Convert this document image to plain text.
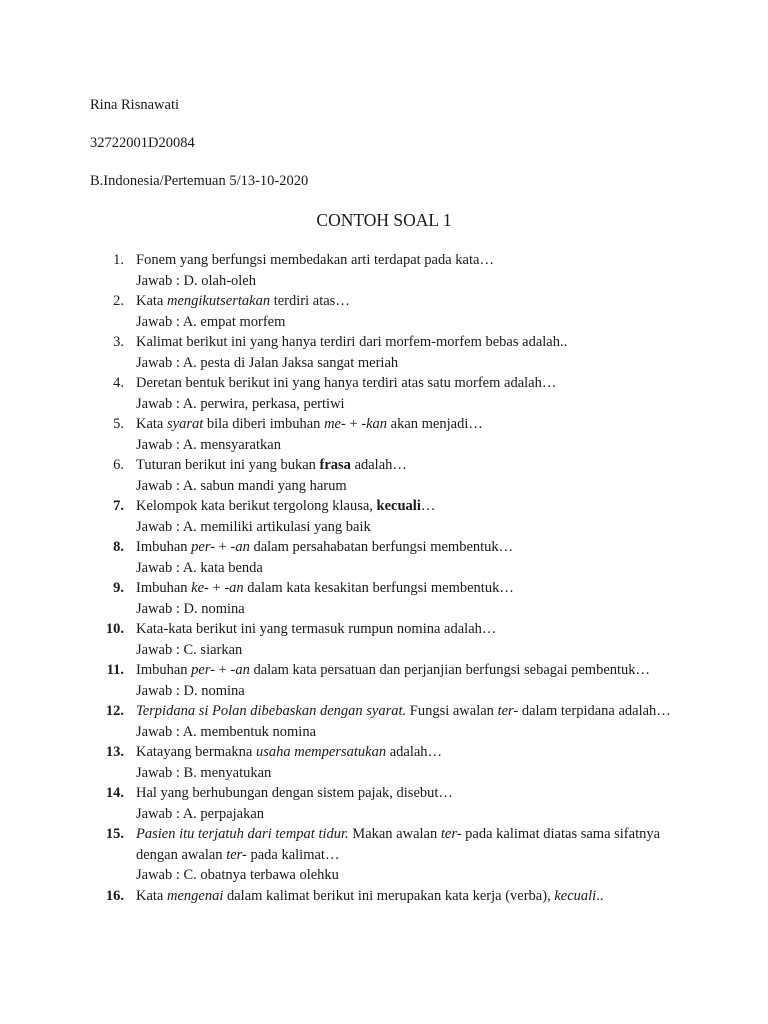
Rina Risnawati

32722001D20084

B.Indonesia/Pertemuan 5/13-10-2020

CONTOH SOAL 1
1. Fonem yang berfungsi membedakan arti terdapat pada kata…
Jawab : D. olah-oleh
2. Kata mengikutsertakan terdiri atas…
Jawab : A. empat morfem
3. Kalimat berikut ini yang hanya terdiri dari morfem-morfem bebas adalah..
Jawab : A. pesta di Jalan Jaksa sangat meriah
4. Deretan bentuk berikut ini yang hanya terdiri atas satu morfem adalah…
Jawab : A. perwira, perkasa, pertiwi
5. Kata syarat bila diberi imbuhan me- + -kan akan menjadi…
Jawab : A. mensyaratkan
6. Tuturan berikut ini yang bukan frasa adalah…
Jawab : A. sabun mandi yang harum
7. Kelompok kata berikut tergolong klausa, kecuali…
Jawab : A. memiliki artikulasi yang baik
8. Imbuhan per- + -an dalam persahabatan berfungsi membentuk…
Jawab : A. kata benda
9. Imbuhan ke- + -an dalam kata kesakitan berfungsi membentuk…
Jawab : D. nomina
10. Kata-kata berikut ini yang termasuk rumpun nomina adalah…
Jawab : C. siarkan
11. Imbuhan per- + -an dalam kata persatuan dan perjanjian berfungsi sebagai pembentuk…
Jawab : D. nomina
12. Terpidana si Polan dibebaskan dengan syarat. Fungsi awalan ter- dalam terpidana adalah…
Jawab : A. membentuk nomina
13. Katayang bermakna usaha mempersatukan adalah…
Jawab : B. menyatukan
14. Hal yang berhubungan dengan sistem pajak, disebut…
Jawab : A. perpajakan
15. Pasien itu terjatuh dari tempat tidur. Makan awalan ter- pada kalimat diatas sama sifatnya dengan awalan ter- pada kalimat…
Jawab : C. obatnya terbawa olehku
16. Kata mengenai dalam kalimat berikut ini merupakan kata kerja (verba), kecuali..
